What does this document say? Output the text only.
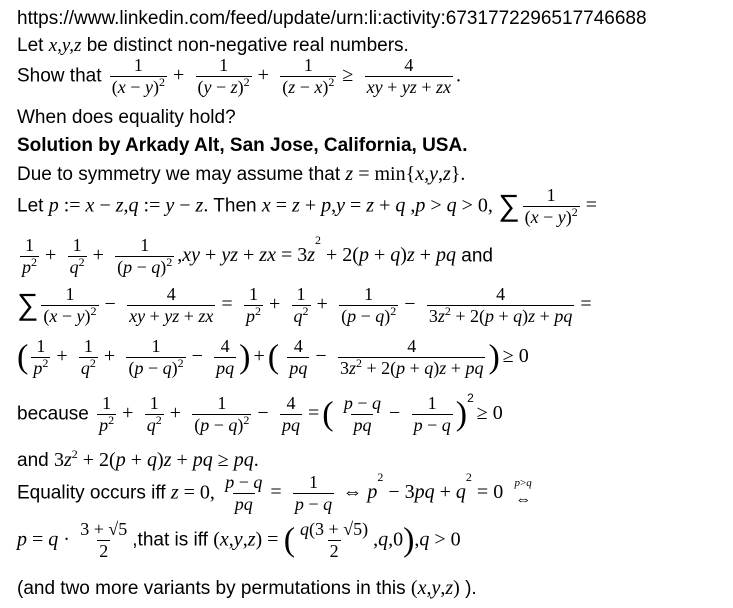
https://www.linkedin.com/feed/update/urn:li:activity:6731772296517746688
Let x,y,z be distinct non-negative real numbers.
Show that $\frac{1}{(x - y)^2} + \frac{1}{(y - z)^2} + \frac{1}{(z - x)^2} \ge \frac{4}{xy + yz + zx}$ .
When does equality hold?
Solution by Arkady Alt, San Jose, California, USA.
Due to symmetry we may assume that z = min{x,y,z}.
Let p := x − z,q := y − z. Then x = z + p,y = z + q ,p > q > 0, ∑ $\frac{1}{(x - y)^2}$ =
$\frac{1}{p^2} + \frac{1}{q^2} + \frac{1}{(p - q)^2} ,xy$ + yz + zx = $3z^2 + 2(p + q)z$ + pq and
∑ $\frac{1}{(x - y)^2} - \frac{4}{xy + yz + zx} = \frac{1}{p^2} + \frac{1}{q^2} + \frac{1}{(p - q)^2} - \frac{4}{3z^2 + 2(p + q)z + pq}$ =
( $\frac{1}{p^2} + \frac{1}{q^2} + \frac{1}{(p - q)^2} - \frac{4}{pq}$ ) +( $\frac{4}{pq} - \frac{4}{3z^2 + 2(p + q)z + pq}$ ) ≥ 0
because $\frac{1}{p^2} + \frac{1}{q^2} + \frac{1}{(p - q)^2} - \frac{4}{pq}$ =( $\frac{p - q}{pq} - \frac{1}{p - q} )^2\ge 0$
and $3z^2 + 2(p + q)z$ + pq ≥ pq.
Equality occurs iff z = 0, $\frac{p - q}{pq} = \frac{1}{p - q}$ ⇔ $p^2 - 3pq + q^2 = 0$ p>q
⇔
$p = q \cdot \frac{3 + √5}{2}$ ,that is iff (x,y,z) = ( $\frac{q(3 + √5)}{2} ,q,0),q > 0$
(and two more variants by permutations in this (x,y,z) ).
